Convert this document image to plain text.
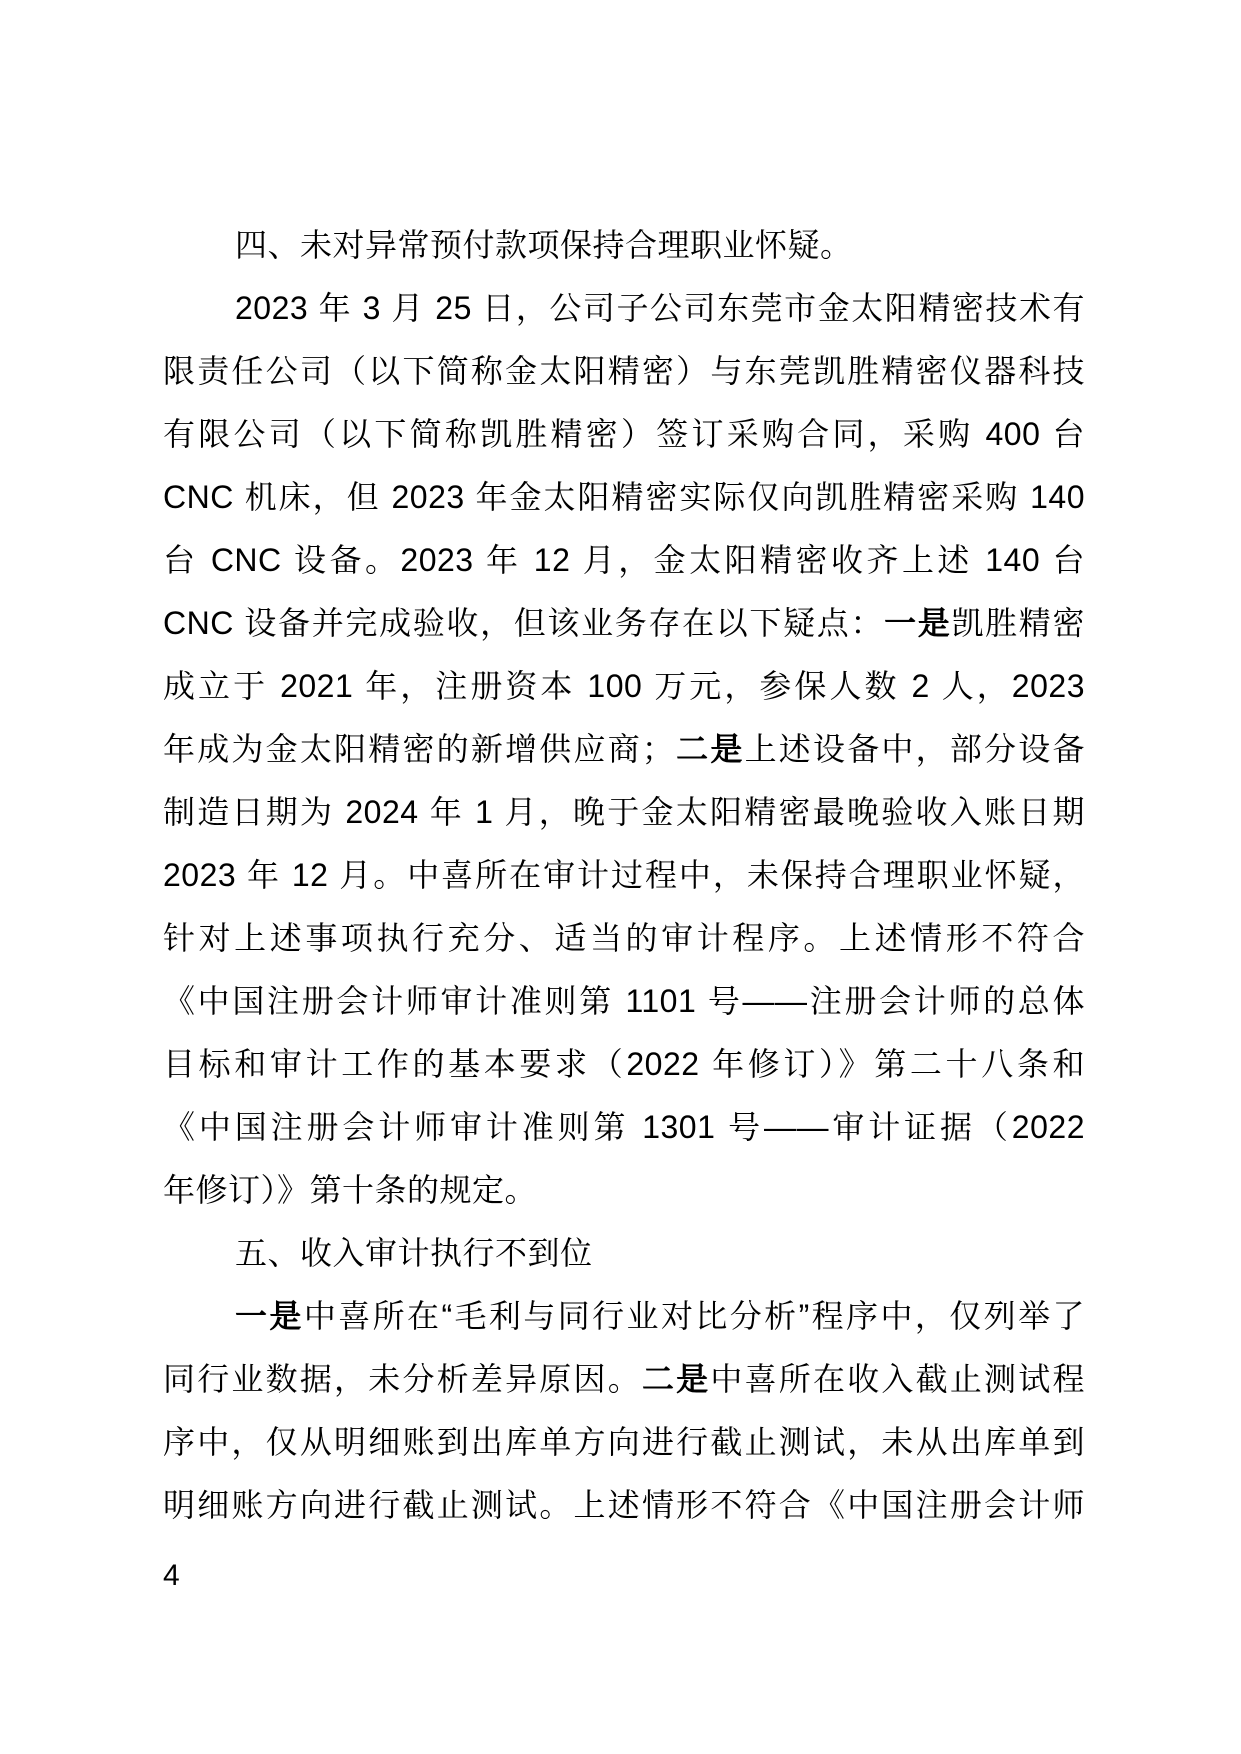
四、未对异常预付款项保持合理职业怀疑。

2023 年 3 月 25 日，公司子公司东莞市金太阳精密技术有

限责任公司（以下简称金太阳精密）与东莞凯胜精密仪器科技

有限公司（以下简称凯胜精密）签订采购合同，采购 400 台

CNC 机床，但 2023 年金太阳精密实际仅向凯胜精密采购 140

台 CNC 设备。2023 年 12 月，金太阳精密收齐上述 140 台

CNC 设备并完成验收，但该业务存在以下疑点：一是凯胜精密

成立于 2021 年，注册资本 100 万元，参保人数 2 人，2023

年成为金太阳精密的新增供应商；二是上述设备中，部分设备

制造日期为 2024 年 1 月，晚于金太阳精密最晚验收入账日期

2023 年 12 月。中喜所在审计过程中，未保持合理职业怀疑，

针对上述事项执行充分、适当的审计程序。上述情形不符合

《中国注册会计师审计准则第 1101 号——注册会计师的总体

目标和审计工作的基本要求（2022 年修订）》第二十八条和

《中国注册会计师审计准则第 1301 号——审计证据（2022

年修订）》第十条的规定。

五、收入审计执行不到位

一是中喜所在“毛利与同行业对比分析”程序中，仅列举了

同行业数据，未分析差异原因。二是中喜所在收入截止测试程

序中，仅从明细账到出库单方向进行截止测试，未从出库单到

明细账方向进行截止测试。上述情形不符合《中国注册会计师

4
